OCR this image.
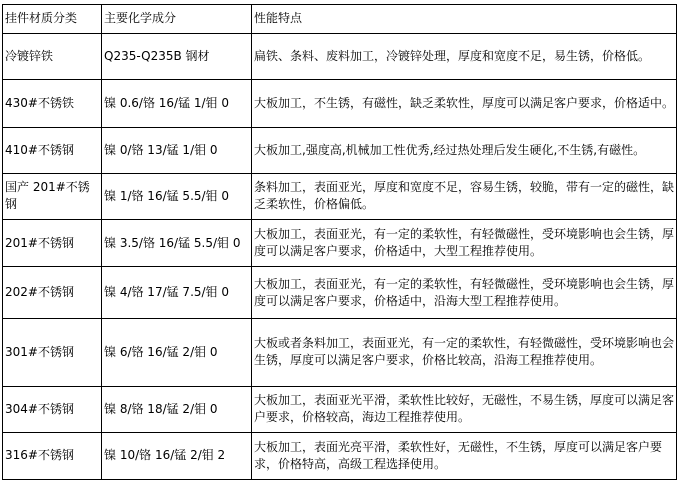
挂件材质分类	主要化学成分	性能特点
冷镀锌铁	Q235-Q235B 钢材	扁铁、条料、废料加工，冷镀锌处理，厚度和宽度不足，易生锈，价格低。
430#不锈铁	镍 0.6/铬 16/锰 1/钼 0	大板加工，不生锈，有磁性，缺乏柔软性，厚度可以满足客户要求，价格适中。
410#不锈钢	镍 0/铬 13/锰 1/钼 0	大板加工,强度高,机械加工性优秀,经过热处理后发生硬化,不生锈,有磁性。
国产 201#不锈钢	镍 1/铬 16/锰 5.5/钼 0	条料加工，表面亚光，厚度和宽度不足，容易生锈，较脆，带有一定的磁性，缺乏柔软性，价格偏低。
201#不锈钢	镍 3.5/铬 16/锰 5.5/钼 0	大板加工，表面亚光，有一定的柔软性，有轻微磁性，受环境影响也会生锈，厚度可以满足客户要求，价格适中，大型工程推荐使用。
202#不锈钢	镍 4/铬 17/锰 7.5/钼 0	大板加工，表面亚光，有一定的柔软性，有轻微磁性，受环境影响也会生锈，厚度可以满足客户要求，价格适中，沿海大型工程推荐使用。
301#不锈钢	镍 6/铬 16/锰 2/钼 0	大板或者条料加工，表面亚光，有一定的柔软性，有轻微磁性，受环境影响也会生锈，厚度可以满足客户要求，价格比较高，沿海工程推荐使用。
304#不锈钢	镍 8/铬 18/锰 2/钼 0	大板加工，表面亚光平滑，柔软性比较好，无磁性，不易生锈，厚度可以满足客户要求，价格较高，海边工程推荐使用。
316#不锈钢	镍 10/铬 16/锰 2/钼 2	大板加工，表面光亮平滑，柔软性好，无磁性，不生锈，厚度可以满足客户要求，价格特高，高级工程选择使用。
